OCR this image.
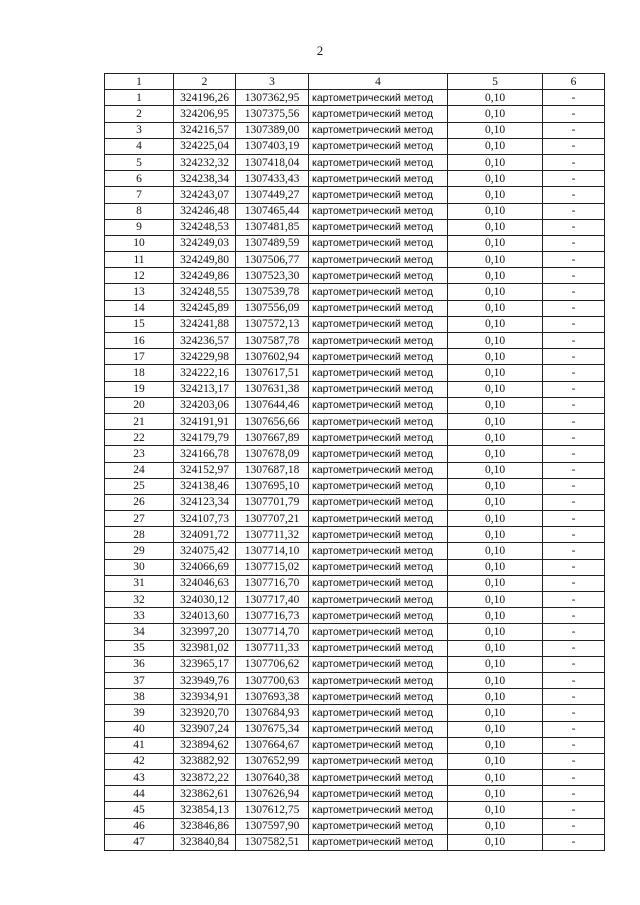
2
1	2	3	4	5	6
1	324196,26	1307362,95	картометрический метод	0,10	-
2	324206,95	1307375,56	картометрический метод	0,10	-
3	324216,57	1307389,00	картометрический метод	0,10	-
4	324225,04	1307403,19	картометрический метод	0,10	-
5	324232,32	1307418,04	картометрический метод	0,10	-
6	324238,34	1307433,43	картометрический метод	0,10	-
7	324243,07	1307449,27	картометрический метод	0,10	-
8	324246,48	1307465,44	картометрический метод	0,10	-
9	324248,53	1307481,85	картометрический метод	0,10	-
10	324249,03	1307489,59	картометрический метод	0,10	-
11	324249,80	1307506,77	картометрический метод	0,10	-
12	324249,86	1307523,30	картометрический метод	0,10	-
13	324248,55	1307539,78	картометрический метод	0,10	-
14	324245,89	1307556,09	картометрический метод	0,10	-
15	324241,88	1307572,13	картометрический метод	0,10	-
16	324236,57	1307587,78	картометрический метод	0,10	-
17	324229,98	1307602,94	картометрический метод	0,10	-
18	324222,16	1307617,51	картометрический метод	0,10	-
19	324213,17	1307631,38	картометрический метод	0,10	-
20	324203,06	1307644,46	картометрический метод	0,10	-
21	324191,91	1307656,66	картометрический метод	0,10	-
22	324179,79	1307667,89	картометрический метод	0,10	-
23	324166,78	1307678,09	картометрический метод	0,10	-
24	324152,97	1307687,18	картометрический метод	0,10	-
25	324138,46	1307695,10	картометрический метод	0,10	-
26	324123,34	1307701,79	картометрический метод	0,10	-
27	324107,73	1307707,21	картометрический метод	0,10	-
28	324091,72	1307711,32	картометрический метод	0,10	-
29	324075,42	1307714,10	картометрический метод	0,10	-
30	324066,69	1307715,02	картометрический метод	0,10	-
31	324046,63	1307716,70	картометрический метод	0,10	-
32	324030,12	1307717,40	картометрический метод	0,10	-
33	324013,60	1307716,73	картометрический метод	0,10	-
34	323997,20	1307714,70	картометрический метод	0,10	-
35	323981,02	1307711,33	картометрический метод	0,10	-
36	323965,17	1307706,62	картометрический метод	0,10	-
37	323949,76	1307700,63	картометрический метод	0,10	-
38	323934,91	1307693,38	картометрический метод	0,10	-
39	323920,70	1307684,93	картометрический метод	0,10	-
40	323907,24	1307675,34	картометрический метод	0,10	-
41	323894,62	1307664,67	картометрический метод	0,10	-
42	323882,92	1307652,99	картометрический метод	0,10	-
43	323872,22	1307640,38	картометрический метод	0,10	-
44	323862,61	1307626,94	картометрический метод	0,10	-
45	323854,13	1307612,75	картометрический метод	0,10	-
46	323846,86	1307597,90	картометрический метод	0,10	-
47	323840,84	1307582,51	картометрический метод	0,10	-
